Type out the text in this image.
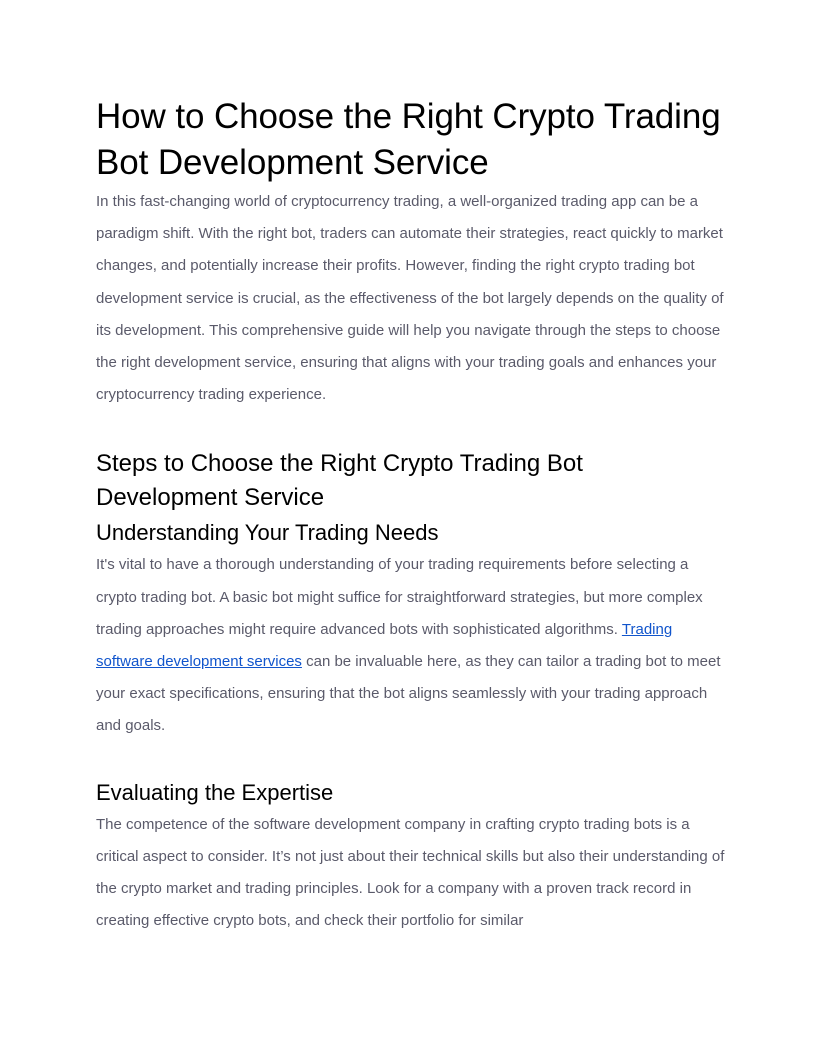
How to Choose the Right Crypto Trading Bot Development Service

In this fast-changing world of cryptocurrency trading, a well-organized trading app can be a paradigm shift. With the right bot, traders can automate their strategies, react quickly to market changes, and potentially increase their profits. However, finding the right crypto trading bot development service is crucial, as the effectiveness of the bot largely depends on the quality of its development. This comprehensive guide will help you navigate through the steps to choose the right development service, ensuring that aligns with your trading goals and enhances your cryptocurrency trading experience.

Steps to Choose the Right Crypto Trading Bot Development Service
Understanding Your Trading Needs

It's vital to have a thorough understanding of your trading requirements before selecting a crypto trading bot. A basic bot might suffice for straightforward strategies, but more complex trading approaches might require advanced bots with sophisticated algorithms. Trading software development services can be invaluable here, as they can tailor a trading bot to meet your exact specifications, ensuring that the bot aligns seamlessly with your trading approach and goals.

Evaluating the Expertise

The competence of the software development company in crafting crypto trading bots is a critical aspect to consider. It’s not just about their technical skills but also their understanding of the crypto market and trading principles. Look for a company with a proven track record in creating effective crypto bots, and check their portfolio for similar
